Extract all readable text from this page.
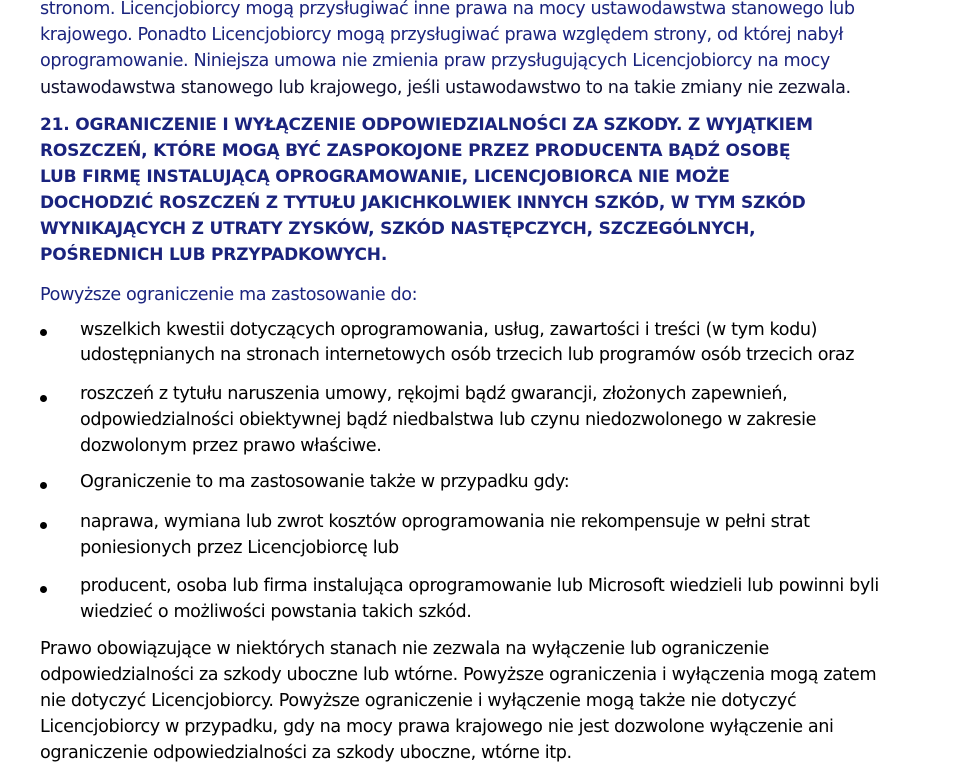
stronom. Licencjobiorcy mogą przysługiwać inne prawa na mocy ustawodawstwa stanowego lub

krajowego. Ponadto Licencjobiorcy mogą przysługiwać prawa względem strony, od której nabył

oprogramowanie. Niniejsza umowa nie zmienia praw przysługujących Licencjobiorcy na mocy

ustawodawstwa stanowego lub krajowego, jeśli ustawodawstwo to na takie zmiany nie zezwala.

21. OGRANICZENIE I WYŁĄCZENIE ODPOWIEDZIALNOŚCI ZA SZKODY. Z WYJĄTKIEM

ROSZCZEŃ, KTÓRE MOGĄ BYĆ ZASPOKOJONE PRZEZ PRODUCENTA BĄDŹ OSOBĘ

LUB FIRMĘ INSTALUJĄCĄ OPROGRAMOWANIE, LICENCJOBIORCA NIE MOŻE

DOCHODZIĆ ROSZCZEŃ Z TYTUŁU JAKICHKOLWIEK INNYCH SZKÓD, W TYM SZKÓD

WYNIKAJĄCYCH Z UTRATY ZYSKÓW, SZKÓD NASTĘPCZYCH, SZCZEGÓLNYCH,

POŚREDNICH LUB PRZYPADKOWYCH.

Powyższe ograniczenie ma zastosowanie do:

wszelkich kwestii dotyczących oprogramowania, usług, zawartości i treści (w tym kodu)

udostępnianych na stronach internetowych osób trzecich lub programów osób trzecich oraz

roszczeń z tytułu naruszenia umowy, rękojmi bądź gwarancji, złożonych zapewnień,

odpowiedzialności obiektywnej bądź niedbalstwa lub czynu niedozwolonego w zakresie

dozwolonym przez prawo właściwe.

Ograniczenie to ma zastosowanie także w przypadku gdy:

naprawa, wymiana lub zwrot kosztów oprogramowania nie rekompensuje w pełni strat

poniesionych przez Licencjobiorcę lub

producent, osoba lub firma instalująca oprogramowanie lub Microsoft wiedzieli lub powinni byli

wiedzieć o możliwości powstania takich szkód.

Prawo obowiązujące w niektórych stanach nie zezwala na wyłączenie lub ograniczenie

odpowiedzialności za szkody uboczne lub wtórne. Powyższe ograniczenia i wyłączenia mogą zatem

nie dotyczyć Licencjobiorcy. Powyższe ograniczenie i wyłączenie mogą także nie dotyczyć

Licencjobiorcy w przypadku, gdy na mocy prawa krajowego nie jest dozwolone wyłączenie ani

ograniczenie odpowiedzialności za szkody uboczne, wtórne itp.
